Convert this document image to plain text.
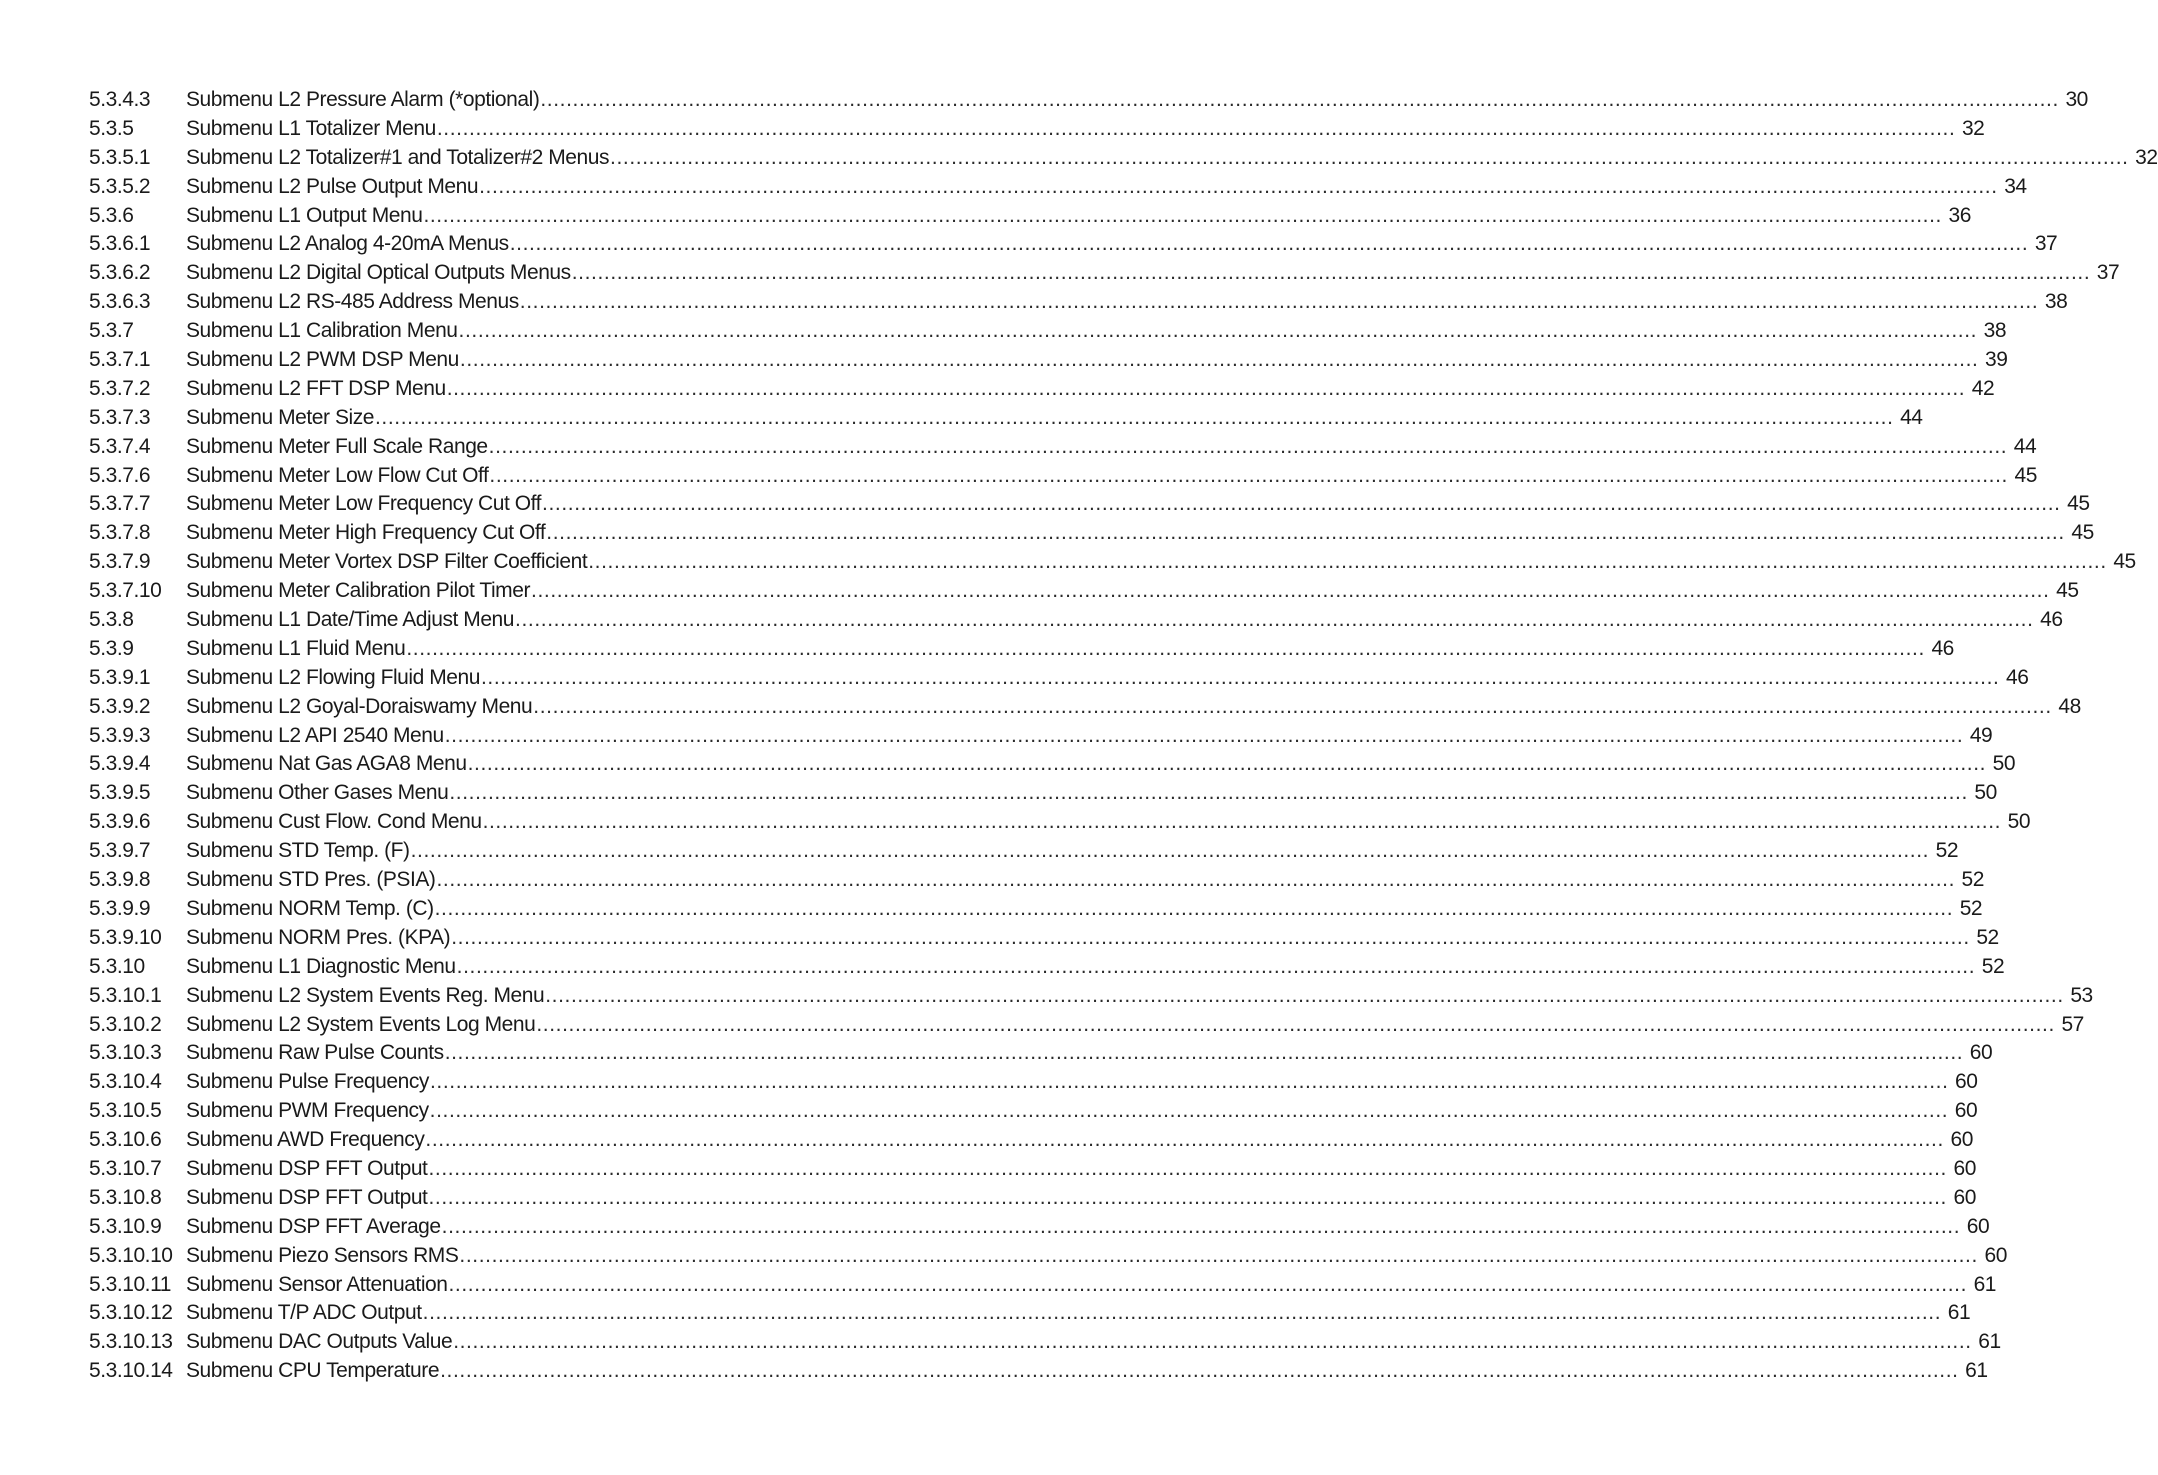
5.3.4.3	Submenu L2 Pressure Alarm (*optional) .....	30
5.3.5	Submenu L1 Totalizer Menu .....	32
5.3.5.1	Submenu L2 Totalizer#1 and Totalizer#2 Menus .....	32
5.3.5.2	Submenu L2 Pulse Output Menu .....	34
5.3.6	Submenu L1 Output Menu .....	36
5.3.6.1	Submenu L2 Analog 4-20mA Menus .....	37
5.3.6.2	Submenu L2 Digital Optical Outputs Menus .....	37
5.3.6.3	Submenu L2 RS-485 Address Menus .....	38
5.3.7	Submenu L1 Calibration Menu .....	38
5.3.7.1	Submenu L2 PWM DSP Menu .....	39
5.3.7.2	Submenu L2 FFT DSP Menu .....	42
5.3.7.3	Submenu Meter Size .....	44
5.3.7.4	Submenu Meter Full Scale Range .....	44
5.3.7.6	Submenu Meter Low Flow Cut Off .....	45
5.3.7.7	Submenu Meter Low Frequency Cut Off .....	45
5.3.7.8	Submenu Meter High Frequency Cut Off .....	45
5.3.7.9	Submenu Meter Vortex DSP Filter Coefficient .....	45
5.3.7.10	Submenu Meter Calibration Pilot Timer .....	45
5.3.8	Submenu L1 Date/Time Adjust Menu .....	46
5.3.9	Submenu L1 Fluid Menu .....	46
5.3.9.1	Submenu L2 Flowing Fluid Menu .....	46
5.3.9.2	Submenu L2 Goyal-Doraiswamy Menu .....	48
5.3.9.3	Submenu L2 API 2540 Menu .....	49
5.3.9.4	Submenu Nat Gas AGA8 Menu .....	50
5.3.9.5	Submenu Other Gases Menu .....	50
5.3.9.6	Submenu Cust Flow. Cond Menu .....	50
5.3.9.7	Submenu STD Temp. (F) .....	52
5.3.9.8	Submenu STD Pres. (PSIA) .....	52
5.3.9.9	Submenu NORM Temp. (C) .....	52
5.3.9.10	Submenu NORM Pres. (KPA) .....	52
5.3.10	Submenu L1 Diagnostic Menu .....	52
5.3.10.1	Submenu L2 System Events Reg. Menu .....	53
5.3.10.2	Submenu L2 System Events Log Menu .....	57
5.3.10.3	Submenu Raw Pulse Counts .....	60
5.3.10.4	Submenu Pulse Frequency .....	60
5.3.10.5	Submenu PWM Frequency .....	60
5.3.10.6	Submenu AWD Frequency .....	60
5.3.10.7	Submenu DSP FFT Output .....	60
5.3.10.8	Submenu DSP FFT Output .....	60
5.3.10.9	Submenu DSP FFT Average .....	60
5.3.10.10 Submenu Piezo Sensors RMS .....	60
5.3.10.11 Submenu Sensor Attenuation .....	61
5.3.10.12 Submenu T/P ADC Output .....	61
5.3.10.13 Submenu DAC Outputs Value .....	61
5.3.10.14 Submenu CPU Temperature .....	61
